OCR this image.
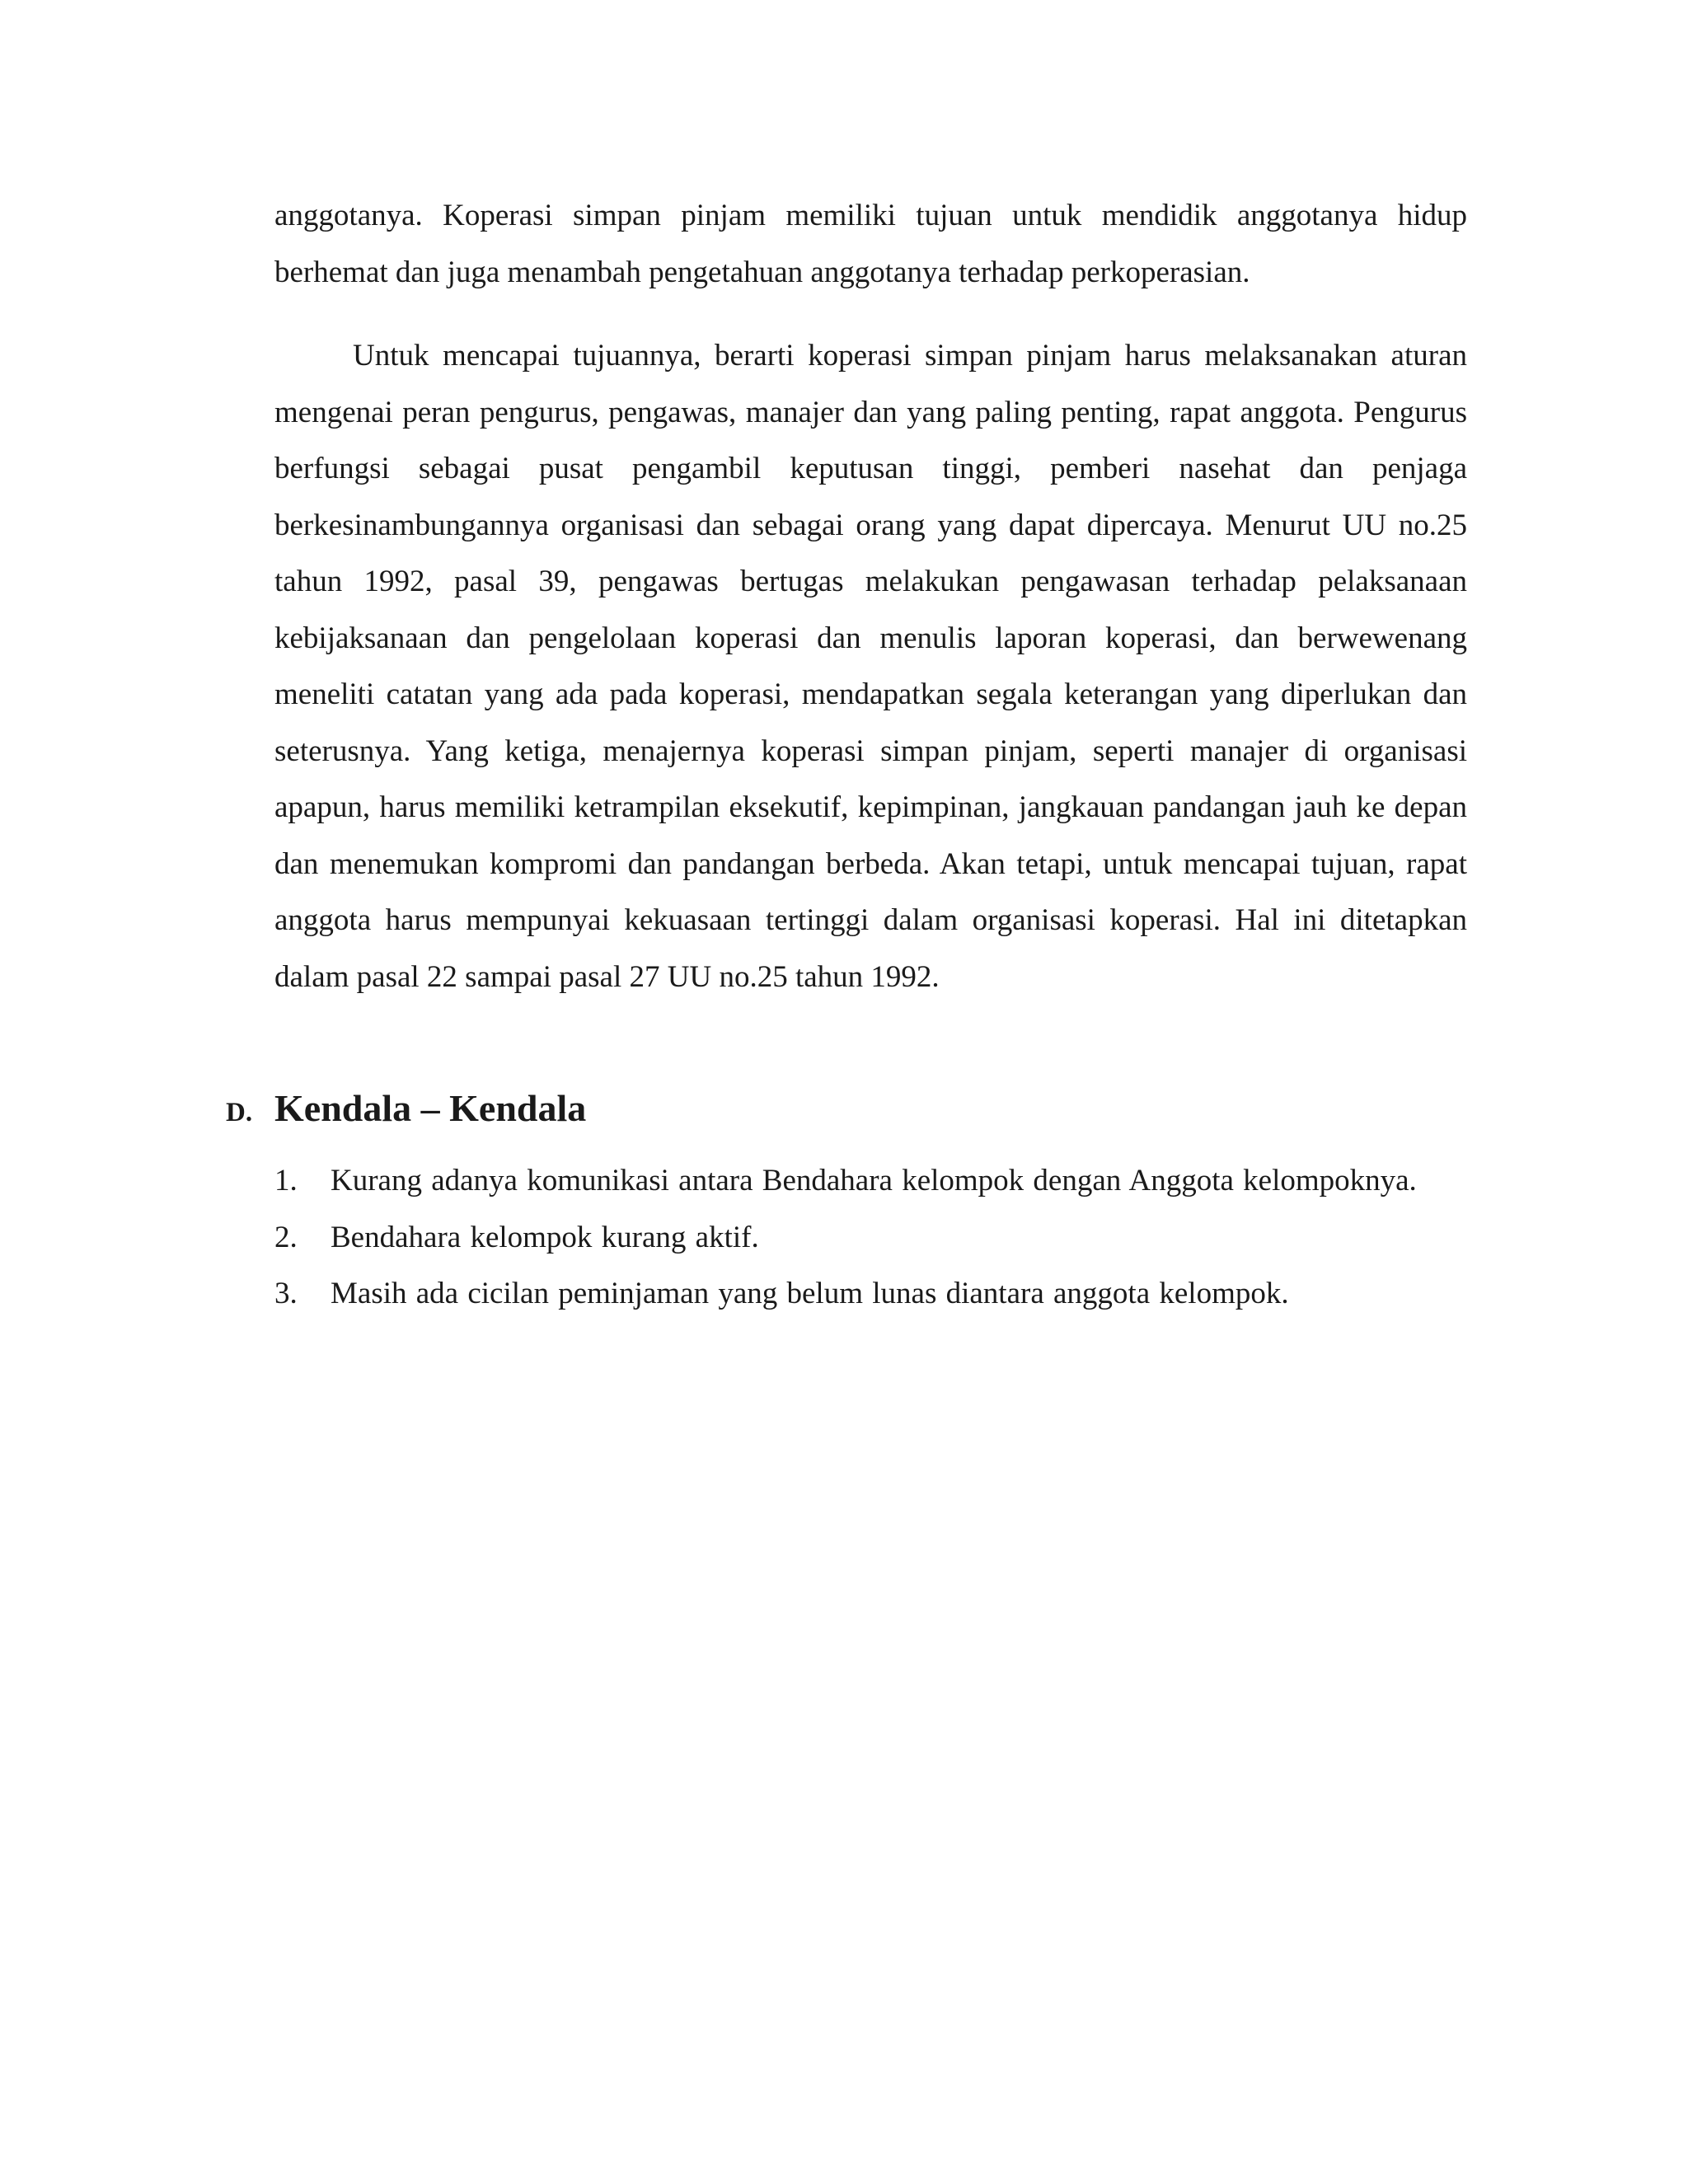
anggotanya. Koperasi simpan pinjam memiliki tujuan untuk mendidik anggotanya hidup berhemat dan juga menambah pengetahuan anggotanya terhadap perkoperasian.

Untuk mencapai tujuannya, berarti koperasi simpan pinjam harus melaksanakan aturan mengenai peran pengurus, pengawas, manajer dan yang paling penting, rapat anggota. Pengurus berfungsi sebagai pusat pengambil keputusan tinggi, pemberi nasehat dan penjaga berkesinambungannya organisasi dan sebagai orang yang dapat dipercaya. Menurut UU no.25 tahun 1992, pasal 39, pengawas bertugas melakukan pengawasan terhadap pelaksanaan kebijaksanaan dan pengelolaan koperasi dan menulis laporan koperasi, dan berwewenang meneliti catatan yang ada pada koperasi, mendapatkan segala keterangan yang diperlukan dan seterusnya. Yang ketiga, menajernya koperasi simpan pinjam, seperti manajer di organisasi apapun, harus memiliki ketrampilan eksekutif, kepimpinan, jangkauan pandangan jauh ke depan dan menemukan kompromi dan pandangan berbeda. Akan tetapi, untuk mencapai tujuan, rapat anggota harus mempunyai kekuasaan tertinggi dalam organisasi koperasi. Hal ini ditetapkan dalam pasal 22 sampai pasal 27 UU no.25 tahun 1992.

D. Kendala – Kendala
1. Kurang adanya komunikasi antara Bendahara kelompok dengan Anggota kelompoknya.
2. Bendahara kelompok kurang aktif.
3. Masih ada cicilan peminjaman yang belum lunas diantara anggota kelompok.
